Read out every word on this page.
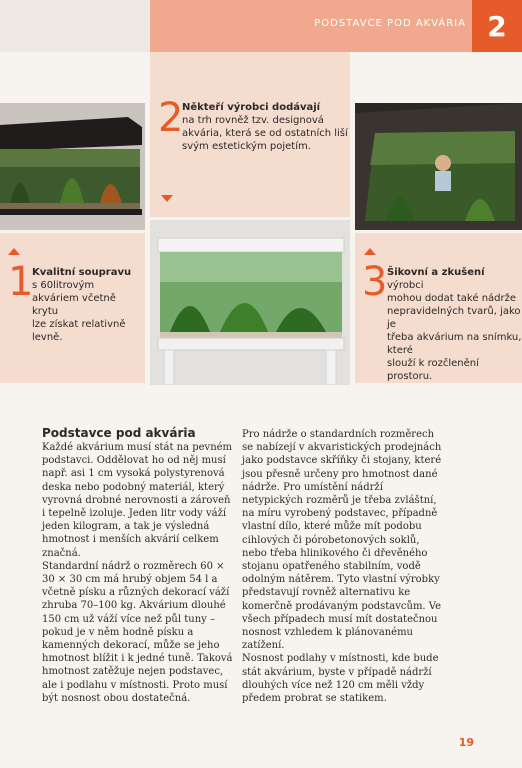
PODSTAVCE POD AKVÁRIA 2
2
Někteří výrobci dodávají
na trh rovněž tzv. designová
akvária, která se od ostatních liší
svým estetickým pojetím.
1
Kvalitní soupravu
s 60litrovým
akváriem včetně krytu
lze získat relativně
levně.
3 Šikovní a zkušení výrobci
mohou dodat také nádrže
nepravidelných tvarů, jako je
třeba akvárium na snímku, které
slouží k rozčlenění prostoru.
Podstavce pod akvária

Každé akvárium musí stát na pevném podstavci. Oddělovat ho od něj musí např. asi 1 cm vysoká polystyrenová deska nebo podobný materiál, který vyrovná drobné nerovnosti a zároveň i tepelně izoluje. Jeden litr vody váží jeden kilogram, a tak je výsledná hmotnost i menších akvárií celkem značná.

Standardní nádrž o rozměrech 60 × 30 × 30 cm má hrubý objem 54 l a včetně písku a různých dekorací váží zhruba 70–100 kg. Akvárium dlouhé 150 cm už váží více než půl tuny – pokud je v něm hodně písku a kamenných dekorací, může se jeho hmotnost blížit i k jedné tuně. Taková hmotnost zatěžuje nejen podstavec, ale i podlahu v místnosti. Proto musí být nosnost obou dostatečná.

Pro nádrže o standardních rozměrech se nabízejí v akvaristických prodejnách jako podstavce skříňky či stojany, které jsou přesně určeny pro hmotnost dané nádrže. Pro umístění nádrží netypických rozměrů je třeba zvláštní, na míru vyrobený podstavec, případně vlastní dílo, které může mít podobu cihlových či pórobetonových soklů, nebo třeba hlinikového či dřevěného stojanu opatřeného stabilním, vodě odolným nátěrem. Tyto vlastní výrobky představují rovněž alternativu ke komerčně prodávaným podstavcům. Ve všech případech musí mít dostatečnou nosnost vzhledem k plánovanému zatížení.

Nosnost podlahy v místnosti, kde bude stát akvárium, byste v případě nádrží dlouhých více než 120 cm měli vždy předem probrat se statikem.

19
